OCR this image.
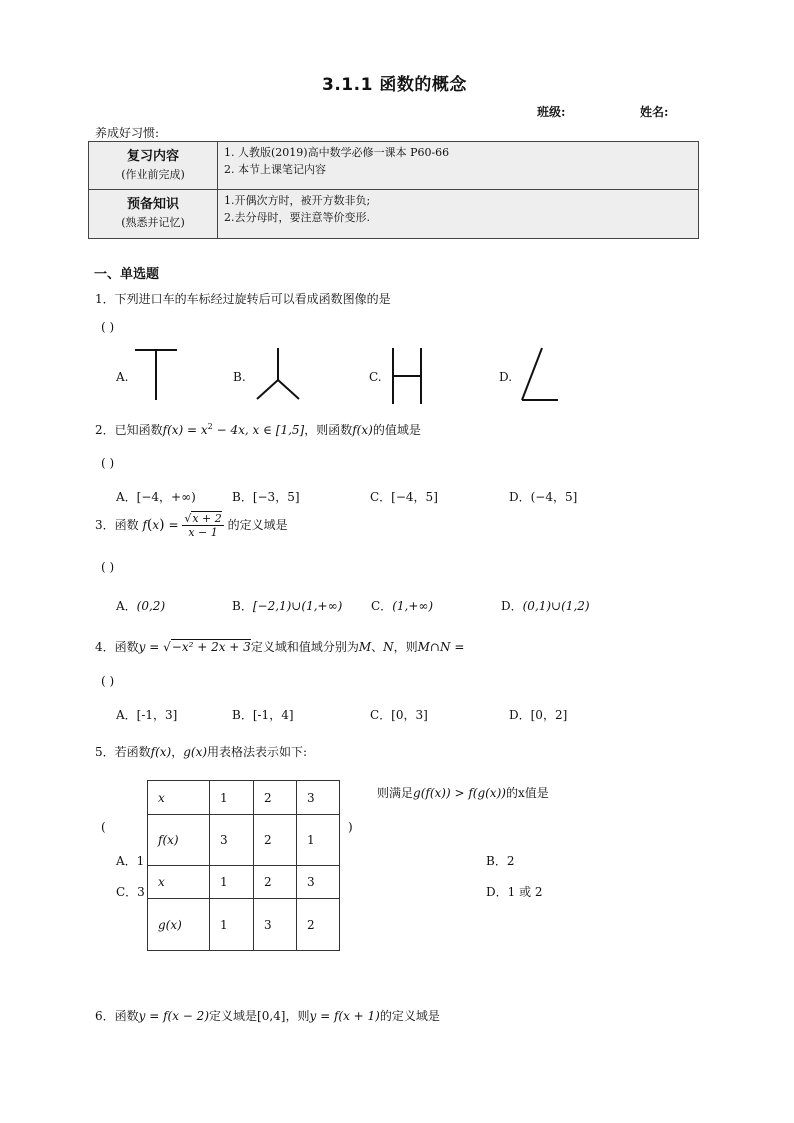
3.1.1 函数的概念
班级:	姓名:
养成好习惯:
复习内容
(作业前完成)	1. 人教版(2019)高中数学必修一课本 P60-66
2. 本节上课笔记内容

预备知识
(熟悉并记忆)	1.开偶次方时，被开方数非负;
2.去分母时，要注意等价变形.
一、单选题
1．下列进口车的车标经过旋转后可以看成函数图像的是
( )
A.	B.	C.	D.
2．已知函数$f(x) = x^2 - 4x$, x ∈ [1,5]，则函数f(x)的值域是
( )
A．[−4，+∞)	B．[−3，5]	C．[−4，5]	D．(−4，5]
3．函数 $f(x) = \frac{√x + 2}{x - 1}$ 的定义域是
( )
A．(0,2)	B．[−2,1)∪(1,+∞) C．(1,+∞)	D．(0,1)∪(1,2)
4．函数y = √−x² + 2x + 3定义域和值域分别为M、N，则M∩N =
( )
A．[-1，3]	B．[-1，4]	C．[0，3]	D．[0，2]
5．若函数f(x)，g(x)用表格法表示如下:
x	1	2	3
f(x)	3	2	1
x	1	2	3
g(x)	1	3	2
则满足g(f(x)) > f(g(x))的x值是
(	)
A．1	B．2
C．3	D．1 或 2
6．函数y = f(x − 2)定义域是[0,4]，则y = f(x + 1)的定义域是
